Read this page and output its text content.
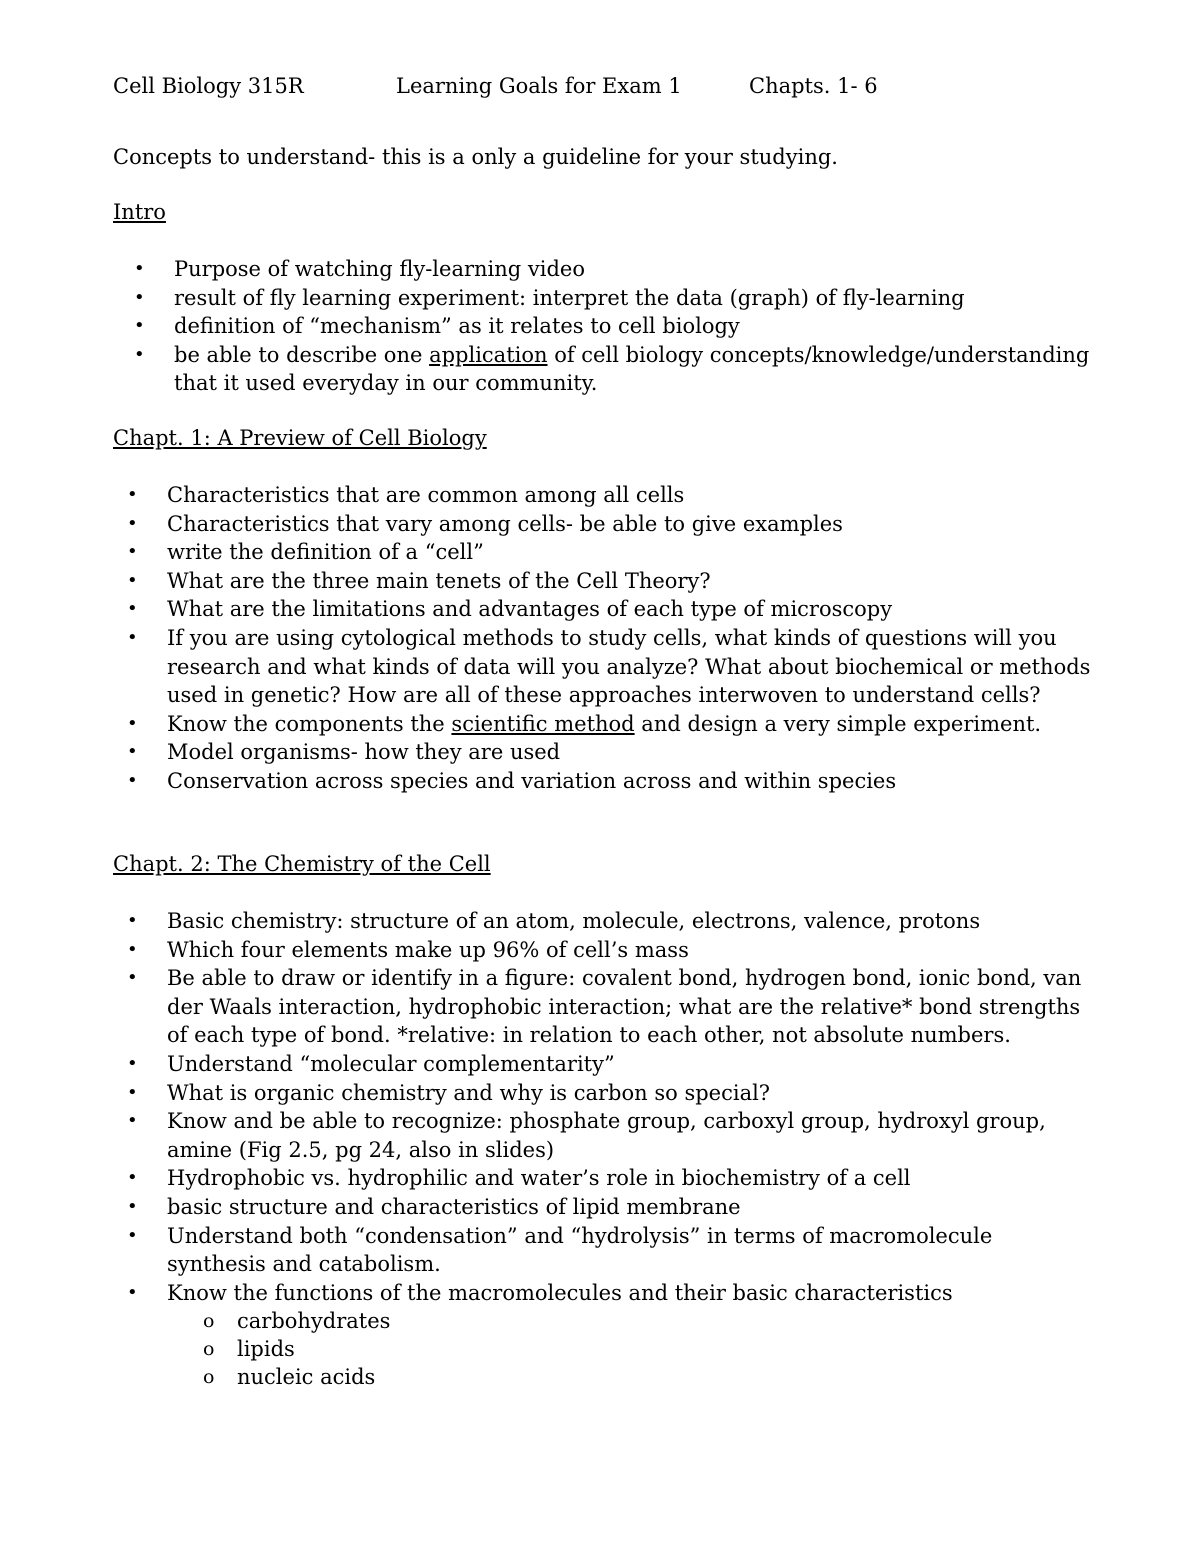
Cell Biology 315R	Learning Goals for Exam 1	Chapts. 1- 6
Concepts to understand- this is a only a guideline for your studying.
Intro
• Purpose of watching fly-learning video
• result of fly learning experiment: interpret the data (graph) of fly-learning
• definition of “mechanism” as it relates to cell biology
• be able to describe one application of cell biology concepts/knowledge/understanding that it used everyday in our community.
Chapt. 1: A Preview of Cell Biology
• Characteristics that are common among all cells
• Characteristics that vary among cells- be able to give examples
• write the definition of a “cell”
• What are the three main tenets of the Cell Theory?
• What are the limitations and advantages of each type of microscopy
• If you are using cytological methods to study cells, what kinds of questions will you research and what kinds of data will you analyze? What about biochemical or methods used in genetic? How are all of these approaches interwoven to understand cells?
• Know the components the scientific method and design a very simple experiment.
• Model organisms- how they are used
• Conservation across species and variation across and within species
Chapt. 2: The Chemistry of the Cell
• Basic chemistry: structure of an atom, molecule, electrons, valence, protons
• Which four elements make up 96% of cell’s mass
• Be able to draw or identify in a figure: covalent bond, hydrogen bond, ionic bond, van der Waals interaction, hydrophobic interaction; what are the relative* bond strengths of each type of bond. *relative: in relation to each other, not absolute numbers.
• Understand “molecular complementarity”
• What is organic chemistry and why is carbon so special?
• Know and be able to recognize: phosphate group, carboxyl group, hydroxyl group, amine (Fig 2.5, pg 24, also in slides)
• Hydrophobic vs. hydrophilic and water’s role in biochemistry of a cell
• basic structure and characteristics of lipid membrane
• Understand both “condensation” and “hydrolysis” in terms of macromolecule synthesis and catabolism.
• Know the functions of the macromolecules and their basic characteristics
o carbohydrates
o lipids
o nucleic acids
